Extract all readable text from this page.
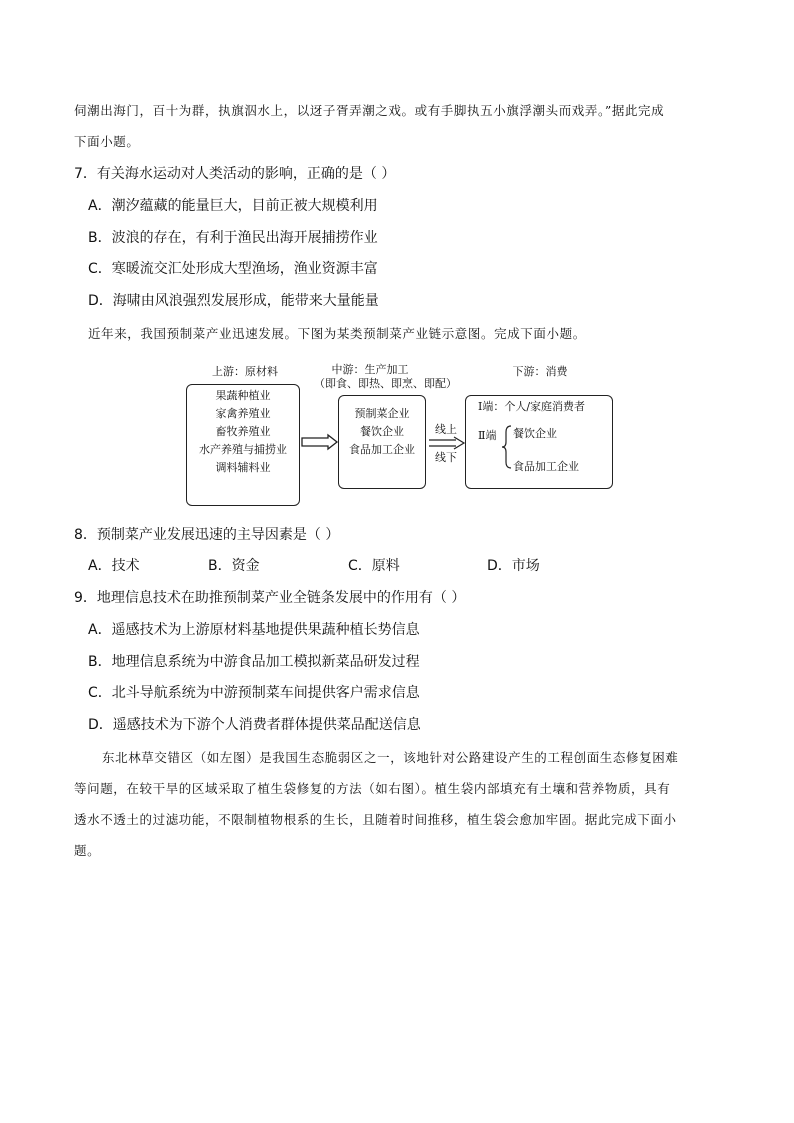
伺潮出海门，百十为群，执旗泅水上，以迓子胥弄潮之戏。或有手脚执五小旗浮潮头而戏弄。”据此完成
下面小题。
7．有关海水运动对人类活动的影响，正确的是（ ）
A．潮汐蕴藏的能量巨大，目前正被大规模利用
B．波浪的存在，有利于渔民出海开展捕捞作业
C．寒暖流交汇处形成大型渔场，渔业资源丰富
D．海啸由风浪强烈发展形成，能带来大量能量
近年来，我国预制菜产业迅速发展。下图为某类预制菜产业链示意图。完成下面小题。
上游：原材料
果蔬种植业
家禽养殖业
畜牧养殖业
水产养殖与捕捞业
调料辅料业
中游：生产加工
（即食、即热、即烹、即配）
预制菜企业
餐饮企业
食品加工企业
线上
线下
下游：消费
Ⅰ端：个人/家庭消费者
Ⅱ端 餐饮企业
食品加工企业
8．预制菜产业发展迅速的主导因素是（ ）
A．技术	B．资金	C．原料	D．市场
9．地理信息技术在助推预制菜产业全链条发展中的作用有（ ）
A．遥感技术为上游原材料基地提供果蔬种植长势信息
B．地理信息系统为中游食品加工模拟新菜品研发过程
C．北斗导航系统为中游预制菜车间提供客户需求信息
D．遥感技术为下游个人消费者群体提供菜品配送信息
东北林草交错区（如左图）是我国生态脆弱区之一，该地针对公路建设产生的工程创面生态修复困难
等问题，在较干旱的区域采取了植生袋修复的方法（如右图）。植生袋内部填充有土壤和营养物质，具有
透水不透土的过滤功能，不限制植物根系的生长，且随着时间推移，植生袋会愈加牢固。据此完成下面小
题。
